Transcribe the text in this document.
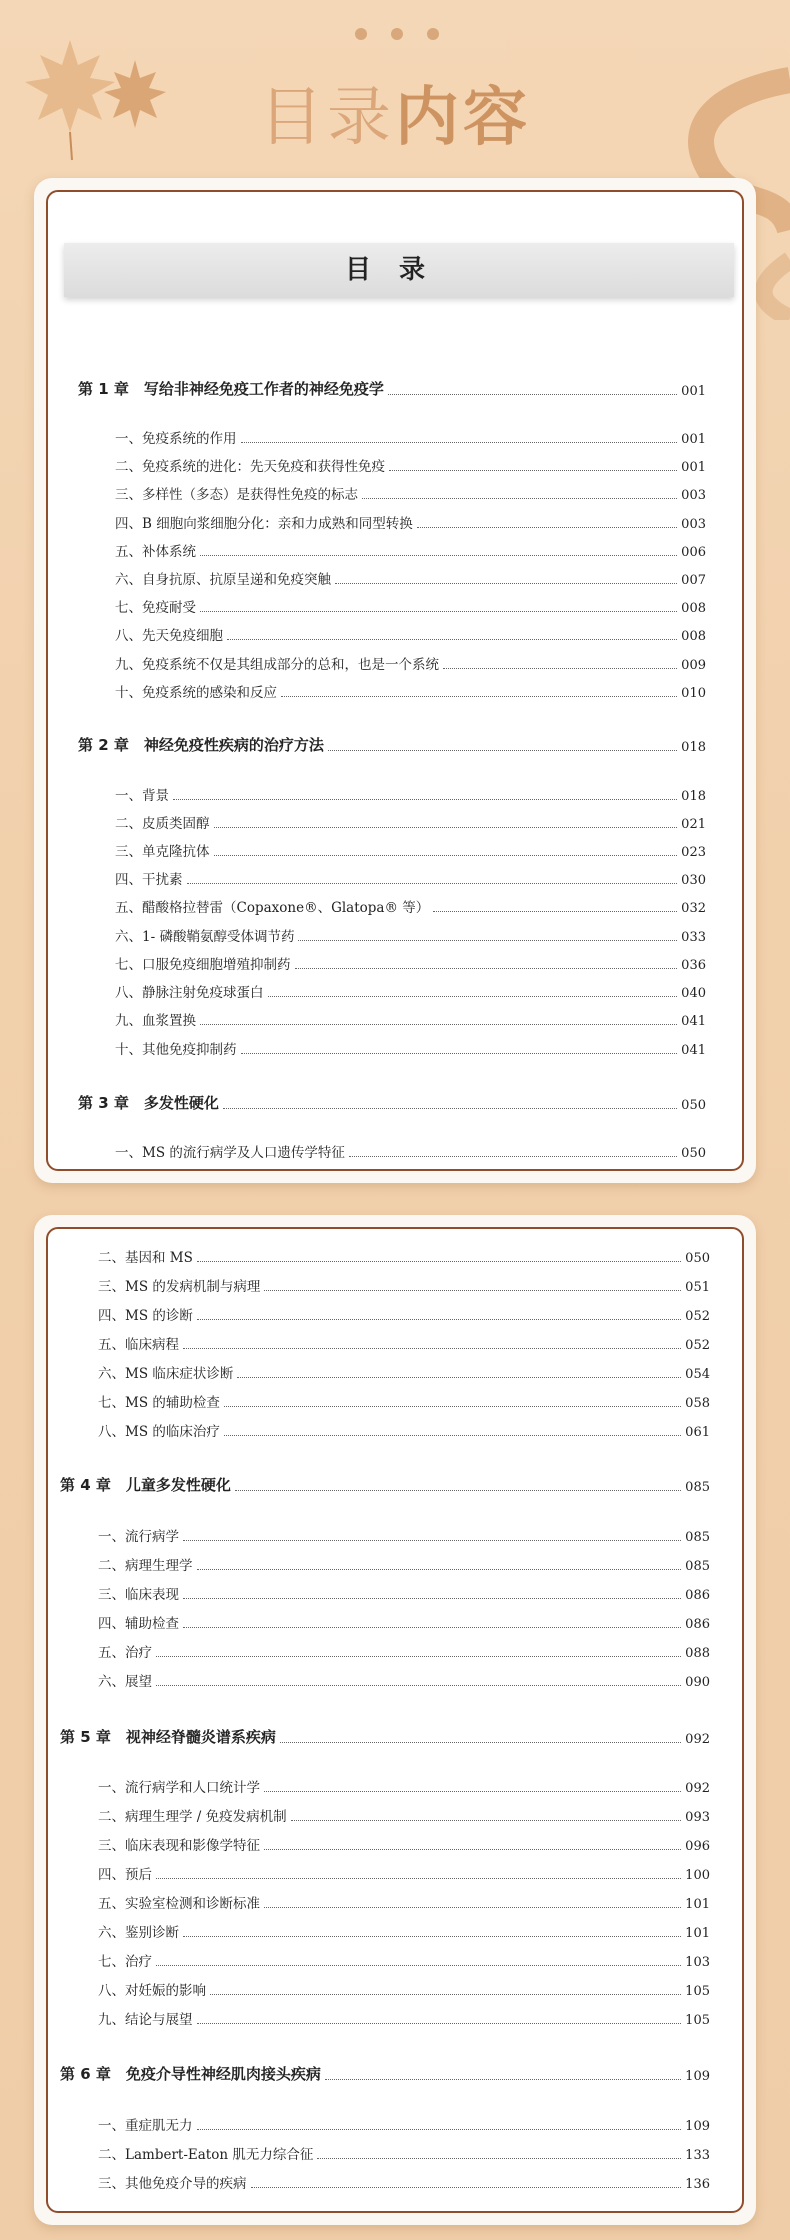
目录内容
目录
第 1 章　写给非神经免疫工作者的神经免疫学	001
一、免疫系统的作用	001
二、免疫系统的进化：先天免疫和获得性免疫	001
三、多样性（多态）是获得性免疫的标志	003
四、B 细胞向浆细胞分化：亲和力成熟和同型转换	003
五、补体系统	006
六、自身抗原、抗原呈递和免疫突触	007
七、免疫耐受	008
八、先天免疫细胞	008
九、免疫系统不仅是其组成部分的总和，也是一个系统	009
十、免疫系统的感染和反应	010
第 2 章　神经免疫性疾病的治疗方法	018
一、背景	018
二、皮质类固醇	021
三、单克隆抗体	023
四、干扰素	030
五、醋酸格拉替雷（Copaxone®、Glatopa® 等）	032
六、1- 磷酸鞘氨醇受体调节药	033
七、口服免疫细胞增殖抑制药	036
八、静脉注射免疫球蛋白	040
九、血浆置换	041
十、其他免疫抑制药	041
第 3 章　多发性硬化	050
一、MS 的流行病学及人口遗传学特征	050
二、基因和 MS	050
三、MS 的发病机制与病理	051
四、MS 的诊断	052
五、临床病程	052
六、MS 临床症状诊断	054
七、MS 的辅助检查	058
八、MS 的临床治疗	061
第 4 章　儿童多发性硬化	085
一、流行病学	085
二、病理生理学	085
三、临床表现	086
四、辅助检查	086
五、治疗	088
六、展望	090
第 5 章　视神经脊髓炎谱系疾病	092
一、流行病学和人口统计学	092
二、病理生理学 / 免疫发病机制	093
三、临床表现和影像学特征	096
四、预后	100
五、实验室检测和诊断标准	101
六、鉴别诊断	101
七、治疗	103
八、对妊娠的影响	105
九、结论与展望	105
第 6 章　免疫介导性神经肌肉接头疾病	109
一、重症肌无力	109
二、Lambert-Eaton 肌无力综合征	133
三、其他免疫介导的疾病	136
